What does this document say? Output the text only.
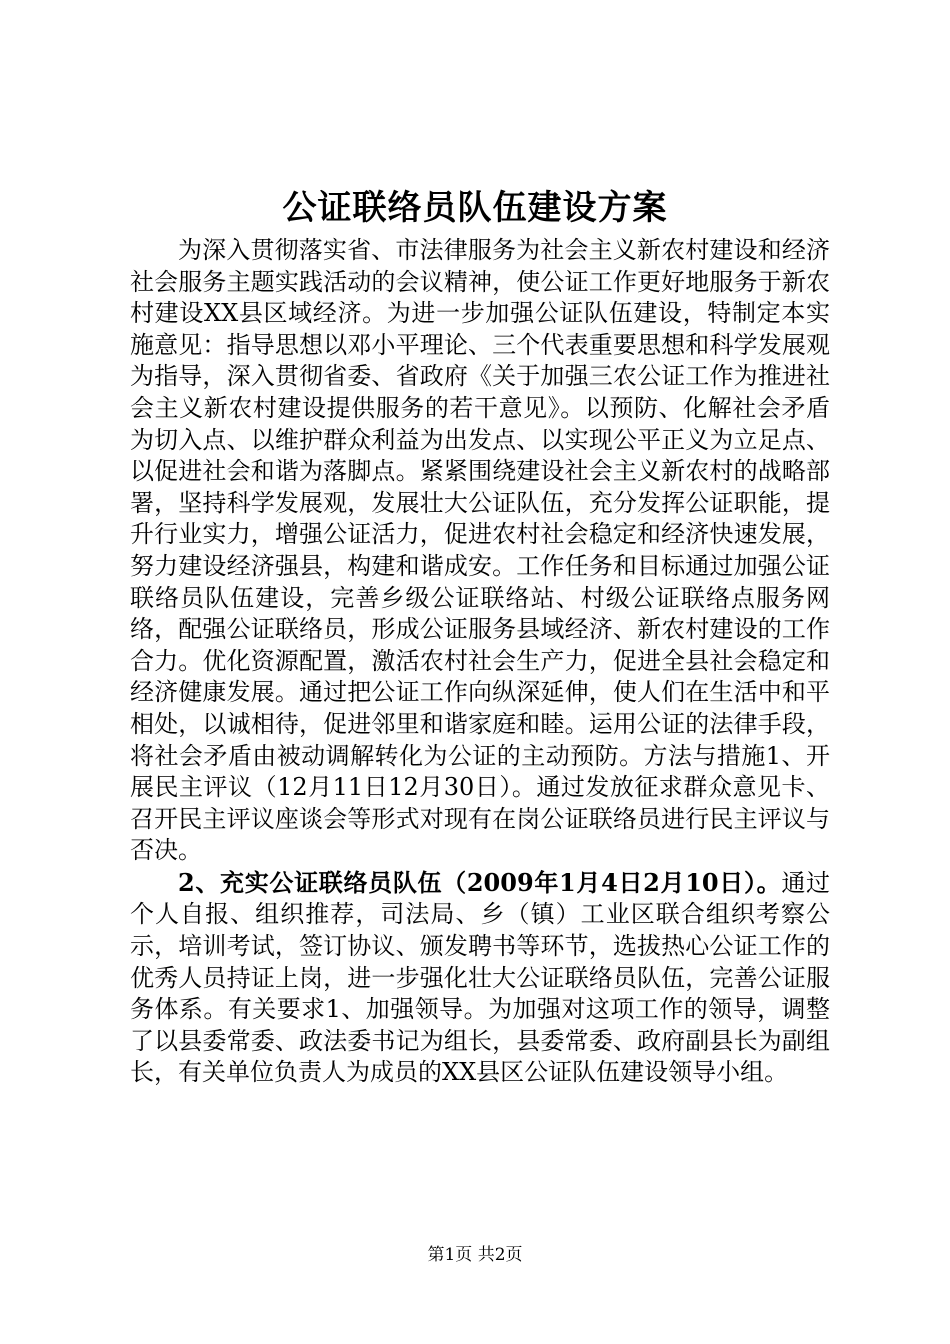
公证联络员队伍建设方案

为深入贯彻落实省、市法律服务为社会主义新农村建设和经济社会服务主题实践活动的会议精神，使公证工作更好地服务于新农村建设XX县区域经济。为进一步加强公证队伍建设，特制定本实施意见：指导思想以邓小平理论、三个代表重要思想和科学发展观为指导，深入贯彻省委、省政府《关于加强三农公证工作为推进社会主义新农村建设提供服务的若干意见》。以预防、化解社会矛盾为切入点、以维护群众利益为出发点、以实现公平正义为立足点、以促进社会和谐为落脚点。紧紧围绕建设社会主义新农村的战略部署，坚持科学发展观，发展壮大公证队伍，充分发挥公证职能，提升行业实力，增强公证活力，促进农村社会稳定和经济快速发展，努力建设经济强县，构建和谐成安。工作任务和目标通过加强公证联络员队伍建设，完善乡级公证联络站、村级公证联络点服务网络，配强公证联络员，形成公证服务县域经济、新农村建设的工作合力。优化资源配置，激活农村社会生产力，促进全县社会稳定和经济健康发展。通过把公证工作向纵深延伸，使人们在生活中和平相处，以诚相待，促进邻里和谐家庭和睦。运用公证的法律手段，将社会矛盾由被动调解转化为公证的主动预防。方法与措施1、开展民主评议（12月11日12月30日）。通过发放征求群众意见卡、召开民主评议座谈会等形式对现有在岗公证联络员进行民主评议与否决。

2、充实公证联络员队伍（2009年1月4日2月10日）。通过个人自报、组织推荐，司法局、乡（镇）工业区联合组织考察公示，培训考试，签订协议、颁发聘书等环节，选拔热心公证工作的优秀人员持证上岗，进一步强化壮大公证联络员队伍，完善公证服务体系。有关要求1、加强领导。为加强对这项工作的领导，调整了以县委常委、政法委书记为组长，县委常委、政府副县长为副组长，有关单位负责人为成员的XX县区公证队伍建设领导小组。

第1页 共2页
